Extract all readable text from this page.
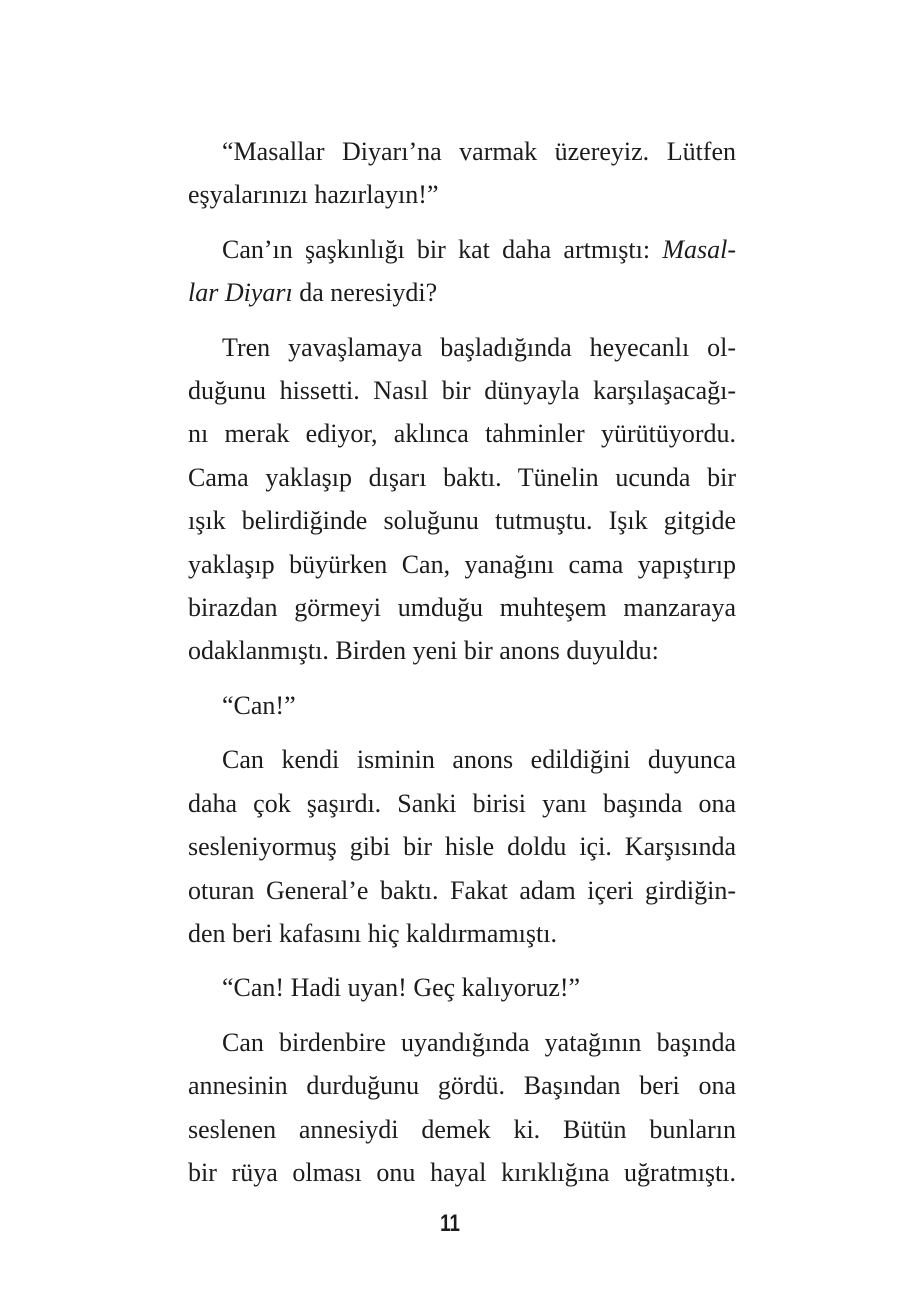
“Masallar Diyarı’na varmak üzereyiz. Lütfen
eşyalarınızı hazırlayın!”

Can’ın şaşkınlığı bir kat daha artmıştı: Masal-
lar Diyarı da neresiydi?

Tren yavaşlamaya başladığında heyecanlı ol-
duğunu hissetti. Nasıl bir dünyayla karşılaşacağı-
nı merak ediyor, aklınca tahminler yürütüyordu.
Cama yaklaşıp dışarı baktı. Tünelin ucunda bir
ışık belirdiğinde soluğunu tutmuştu. Işık gitgide
yaklaşıp büyürken Can, yanağını cama yapıştırıp
birazdan görmeyi umduğu muhteşem manzaraya
odaklanmıştı. Birden yeni bir anons duyuldu:

“Can!”

Can kendi isminin anons edildiğini duyunca
daha çok şaşırdı. Sanki birisi yanı başında ona
sesleniyormuş gibi bir hisle doldu içi. Karşısında
oturan General’e baktı. Fakat adam içeri girdiğin-
den beri kafasını hiç kaldırmamıştı.

“Can! Hadi uyan! Geç kalıyoruz!”

Can birdenbire uyandığında yatağının başında
annesinin durduğunu gördü. Başından beri ona
seslenen annesiydi demek ki. Bütün bunların
bir rüya olması onu hayal kırıklığına uğratmıştı.

11
